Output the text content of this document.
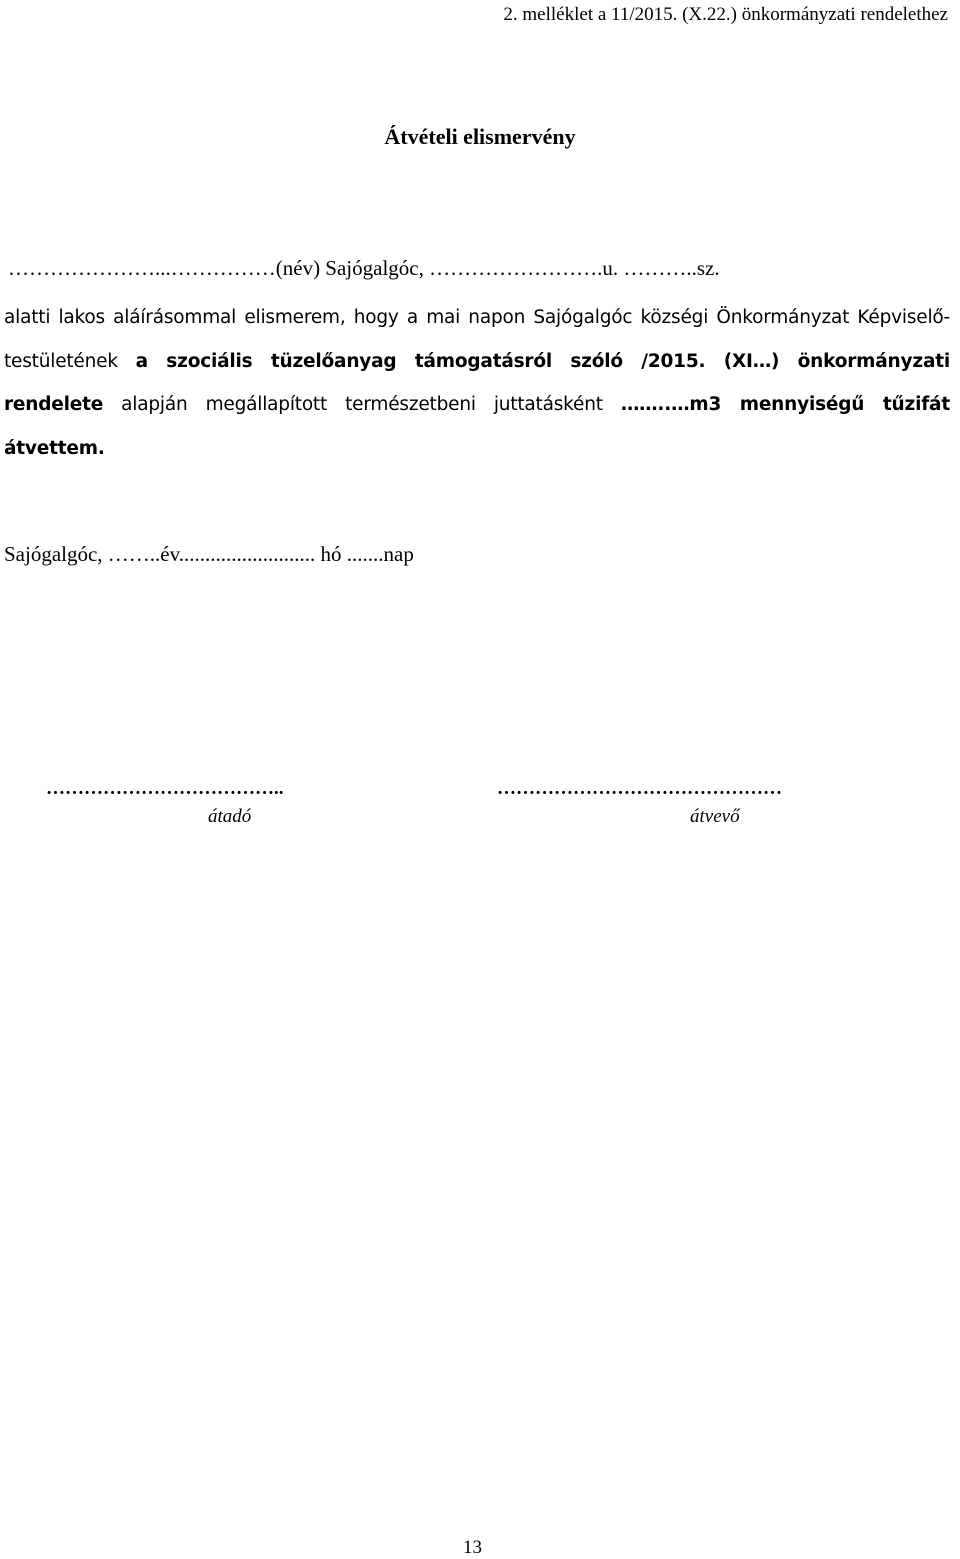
2. melléklet a 11/2015. (X.22.) önkormányzati rendelethez
Átvételi elismervény
…………………...……………(név) Sajógalgóc, …………………….u. ………..sz.
alatti lakos aláírásommal elismerem, hogy a mai napon Sajógalgóc községi Önkormányzat Képviselő-testületének a szociális tüzelőanyag támogatásról szóló /2015. (XI…) önkormányzati rendelete alapján megállapított természetbeni juttatásként ……..…m3 mennyiségű tűzifát átvettem.
Sajógalgóc, ……..év.......................... hó .......nap
………………………………..	………………………………………
átadó	átvevő
13
